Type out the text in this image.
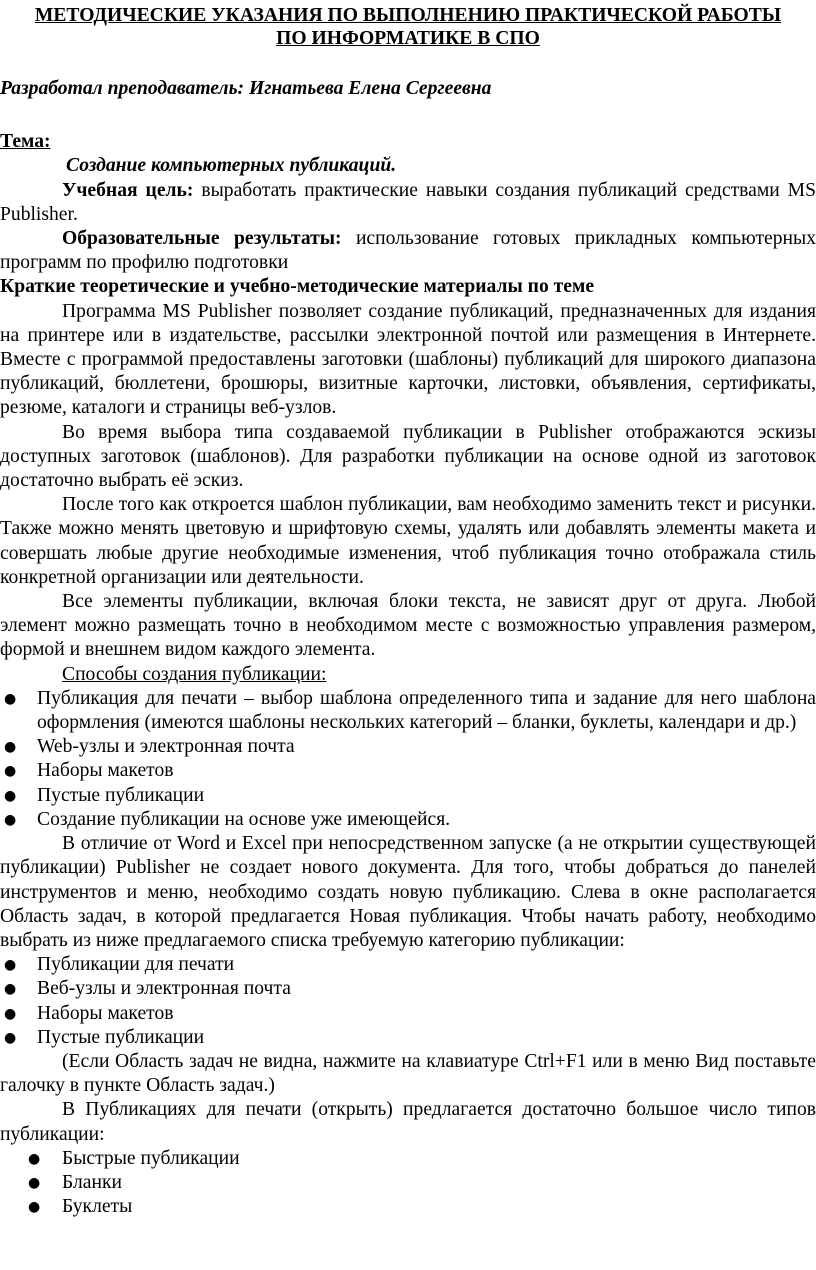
МЕТОДИЧЕСКИЕ УКАЗАНИЯ ПО ВЫПОЛНЕНИЮ ПРАКТИЧЕСКОЙ РАБОТЫ
ПО ИНФОРМАТИКЕ В СПО

Разработал преподаватель: Игнатьева Елена Сергеевна

Тема:

Создание компьютерных публикаций.

Учебная цель: выработать практические навыки создания публикаций средствами MS Publisher.

Образовательные результаты: использование готовых прикладных компьютерных программ по профилю подготовки

Краткие теоретические и учебно-методические материалы по теме

Программа MS Publisher позволяет создание публикаций, предназначенных для издания на принтере или в издательстве, рассылки электронной почтой или размещения в Интернете. Вместе с программой предоставлены заготовки (шаблоны) публикаций для широкого диапазона публикаций, бюллетени, брошюры, визитные карточки, листовки, объявления, сертификаты, резюме, каталоги и страницы веб-узлов.

Во время выбора типа создаваемой публикации в Publisher отображаются эскизы доступных заготовок (шаблонов). Для разработки публикации на основе одной из заготовок достаточно выбрать её эскиз.

После того как откроется шаблон публикации, вам необходимо заменить текст и рисунки. Также можно менять цветовую и шрифтовую схемы, удалять или добавлять элементы макета и совершать любые другие необходимые изменения, чтоб публикация точно отображала стиль конкретной организации или деятельности.

Все элементы публикации, включая блоки текста, не зависят друг от друга. Любой элемент можно размещать точно в необходимом месте с возможностью управления размером, формой и внешнем видом каждого элемента.

Способы создания публикации:

● Публикация для печати – выбор шаблона определенного типа и задание для него шаблона оформления (имеются шаблоны нескольких категорий – бланки, буклеты, календари и др.)
● Web-узлы и электронная почта
● Наборы макетов
● Пустые публикации
● Создание публикации на основе уже имеющейся.

В отличие от Word и Excel при непосредственном запуске (а не открытии существующей публикации) Publisher не создает нового документа. Для того, чтобы добраться до панелей инструментов и меню, необходимо создать новую публикацию. Слева в окне располагается Область задач, в которой предлагается Новая публикация. Чтобы начать работу, необходимо выбрать из ниже предлагаемого списка требуемую категорию публикации:

● Публикации для печати
● Веб-узлы и электронная почта
● Наборы макетов
● Пустые публикации

(Если Область задач не видна, нажмите на клавиатуре Ctrl+F1 или в меню Вид поставьте галочку в пункте Область задач.)

В Публикациях для печати (открыть) предлагается достаточно большое число типов публикации:

● Быстрые публикации
● Бланки
● Буклеты
